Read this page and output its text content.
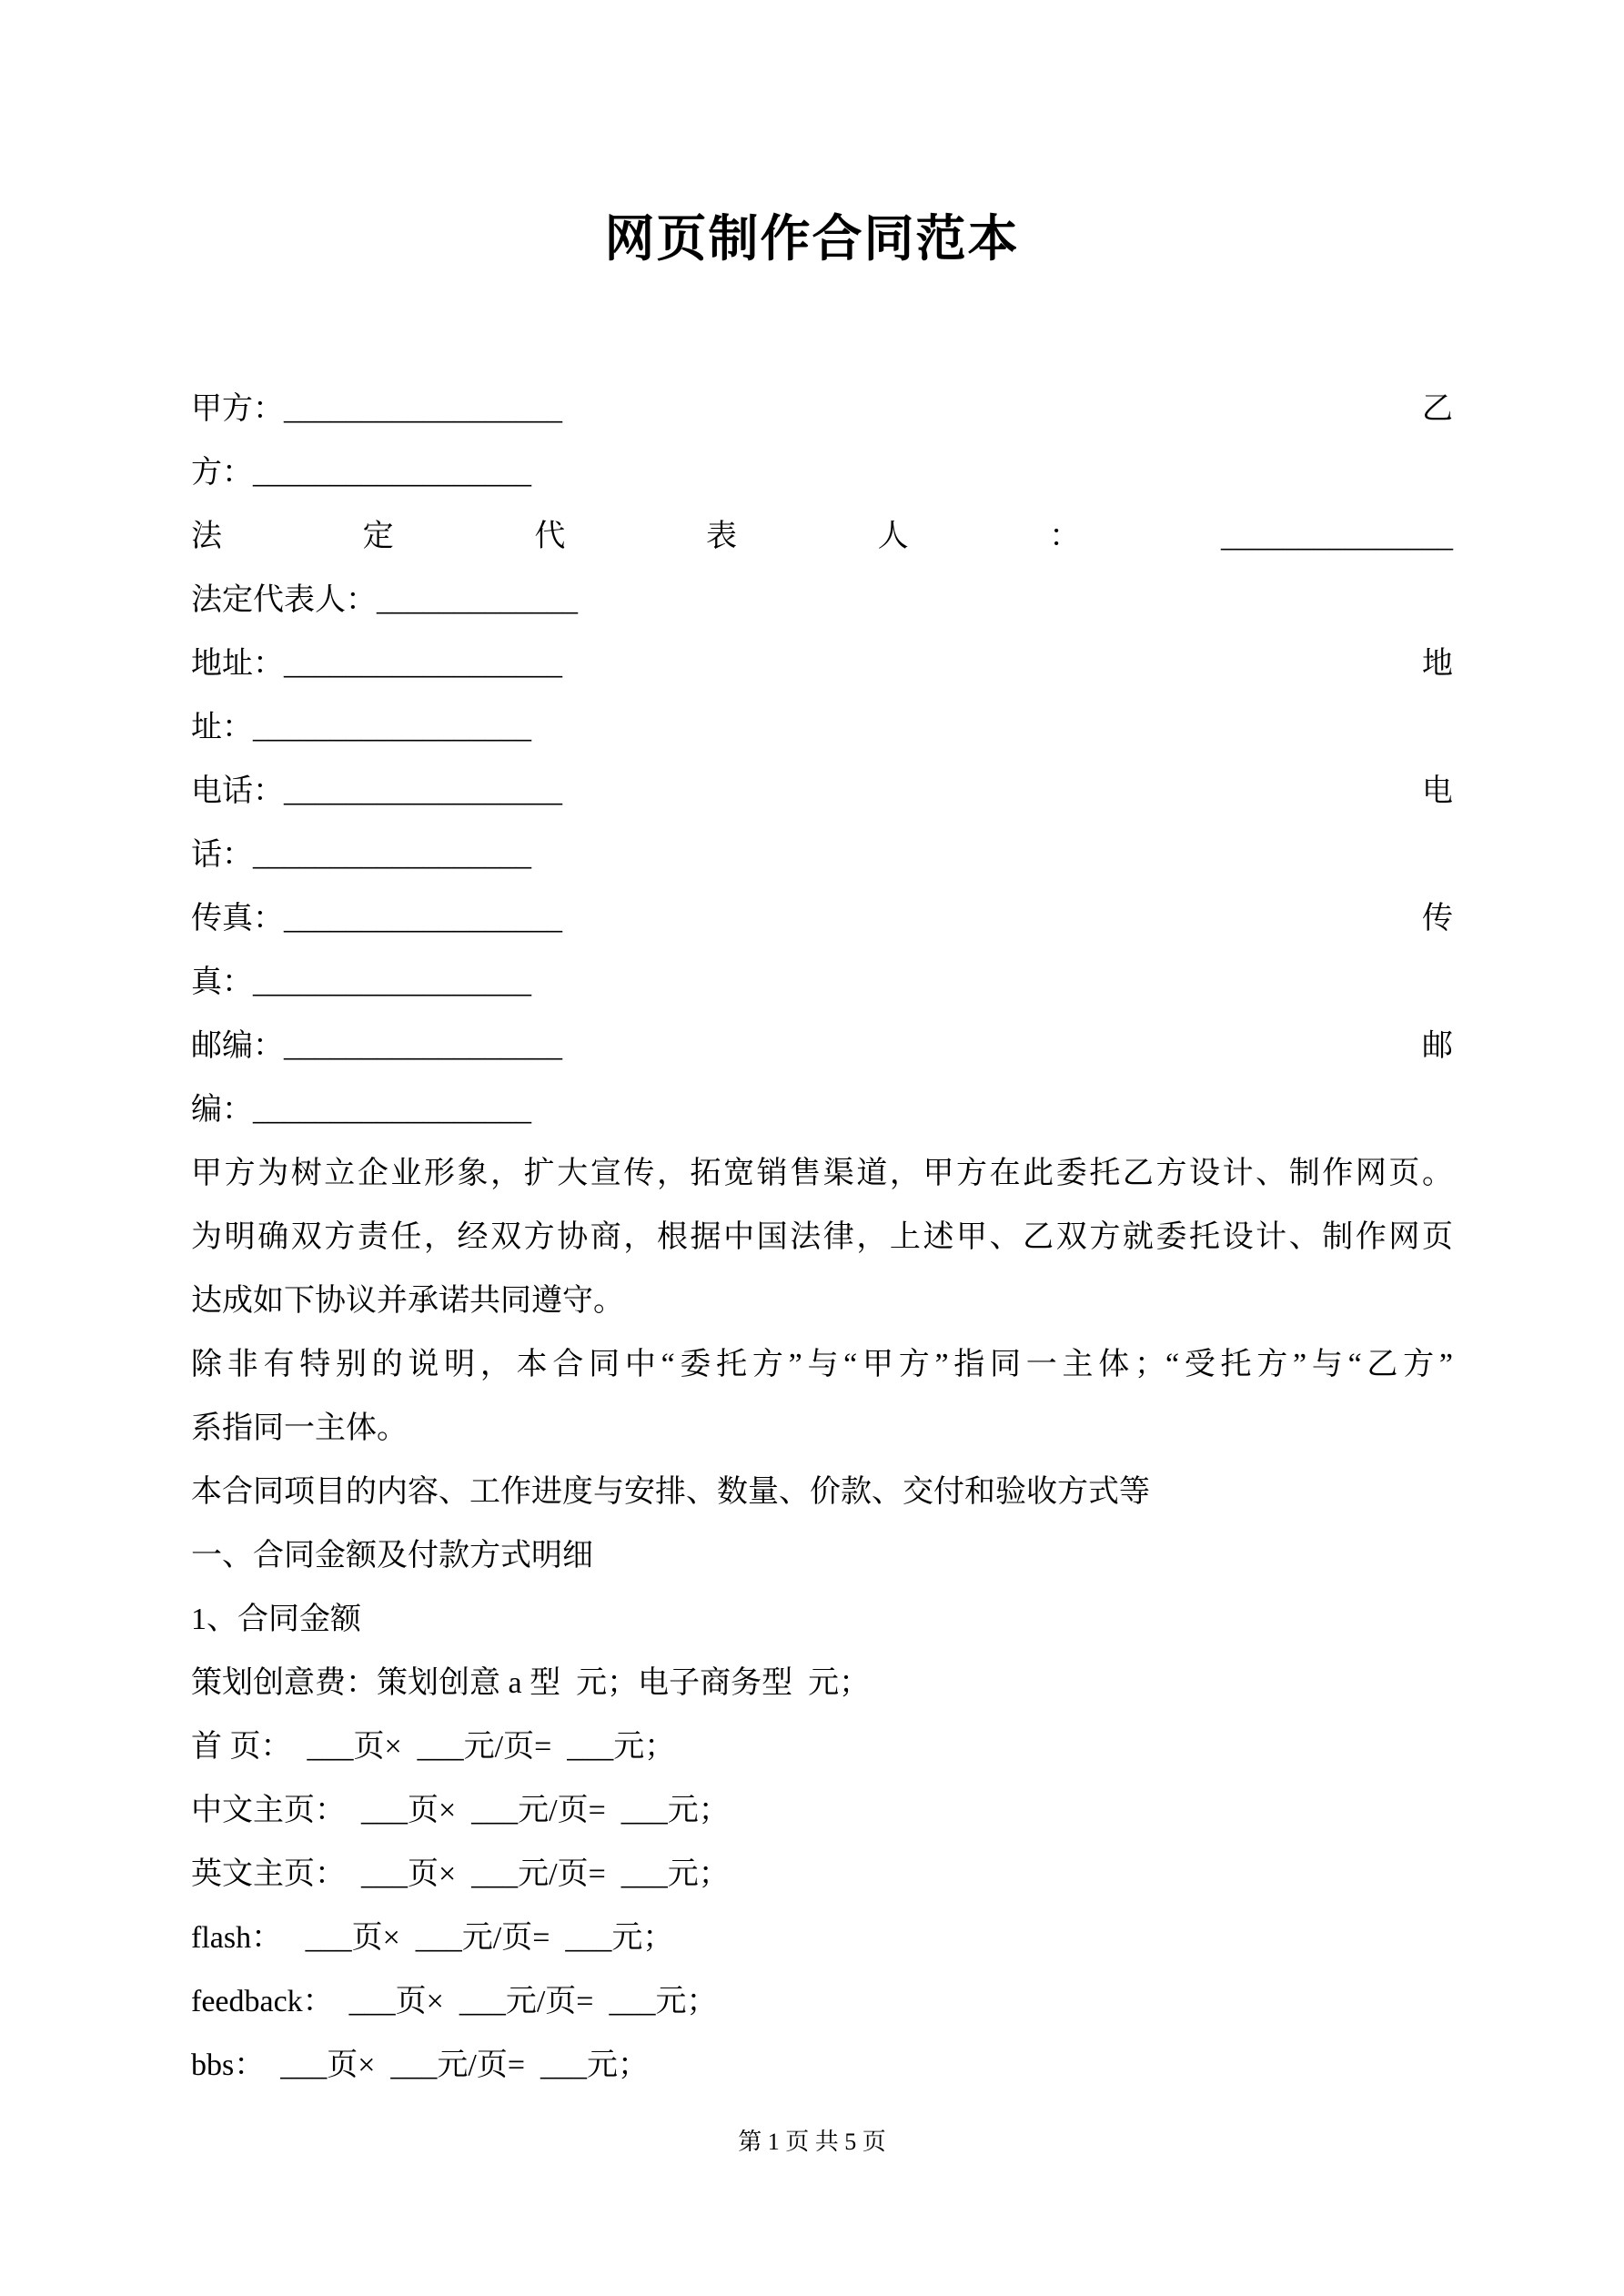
网页制作合同范本
甲方：__________________	乙
方：__________________
法	定	代	表	人	：	_______________
法定代表人：_____________
地址：__________________	地
址：__________________
电话：__________________	电
话：__________________
传真：__________________	传
真：__________________
邮编：__________________	邮
编：__________________
甲方为树立企业形象，扩大宣传，拓宽销售渠道，甲方在此委托乙方设计、制作网页。
为明确双方责任，经双方协商，根据中国法律，上述甲、乙双方就委托设计、制作网页
达成如下协议并承诺共同遵守。
除非有特别的说明，本合同中“委托方”与“甲方”指同一主体；“受托方”与“乙方”
系指同一主体。
本合同项目的内容、工作进度与安排、数量、价款、交付和验收方式等
一、合同金额及付款方式明细
1、合同金额
策划创意费：策划创意 a 型  元；电子商务型  元；
首 页：  ___页×  ___元/页=  ___元；
中文主页：  ___页×  ___元/页=  ___元；
英文主页：  ___页×  ___元/页=  ___元；
flash：   ___页×  ___元/页=  ___元；
feedback：  ___页×  ___元/页=  ___元；
bbs：  ___页×  ___元/页=  ___元；
第 1 页 共 5 页
